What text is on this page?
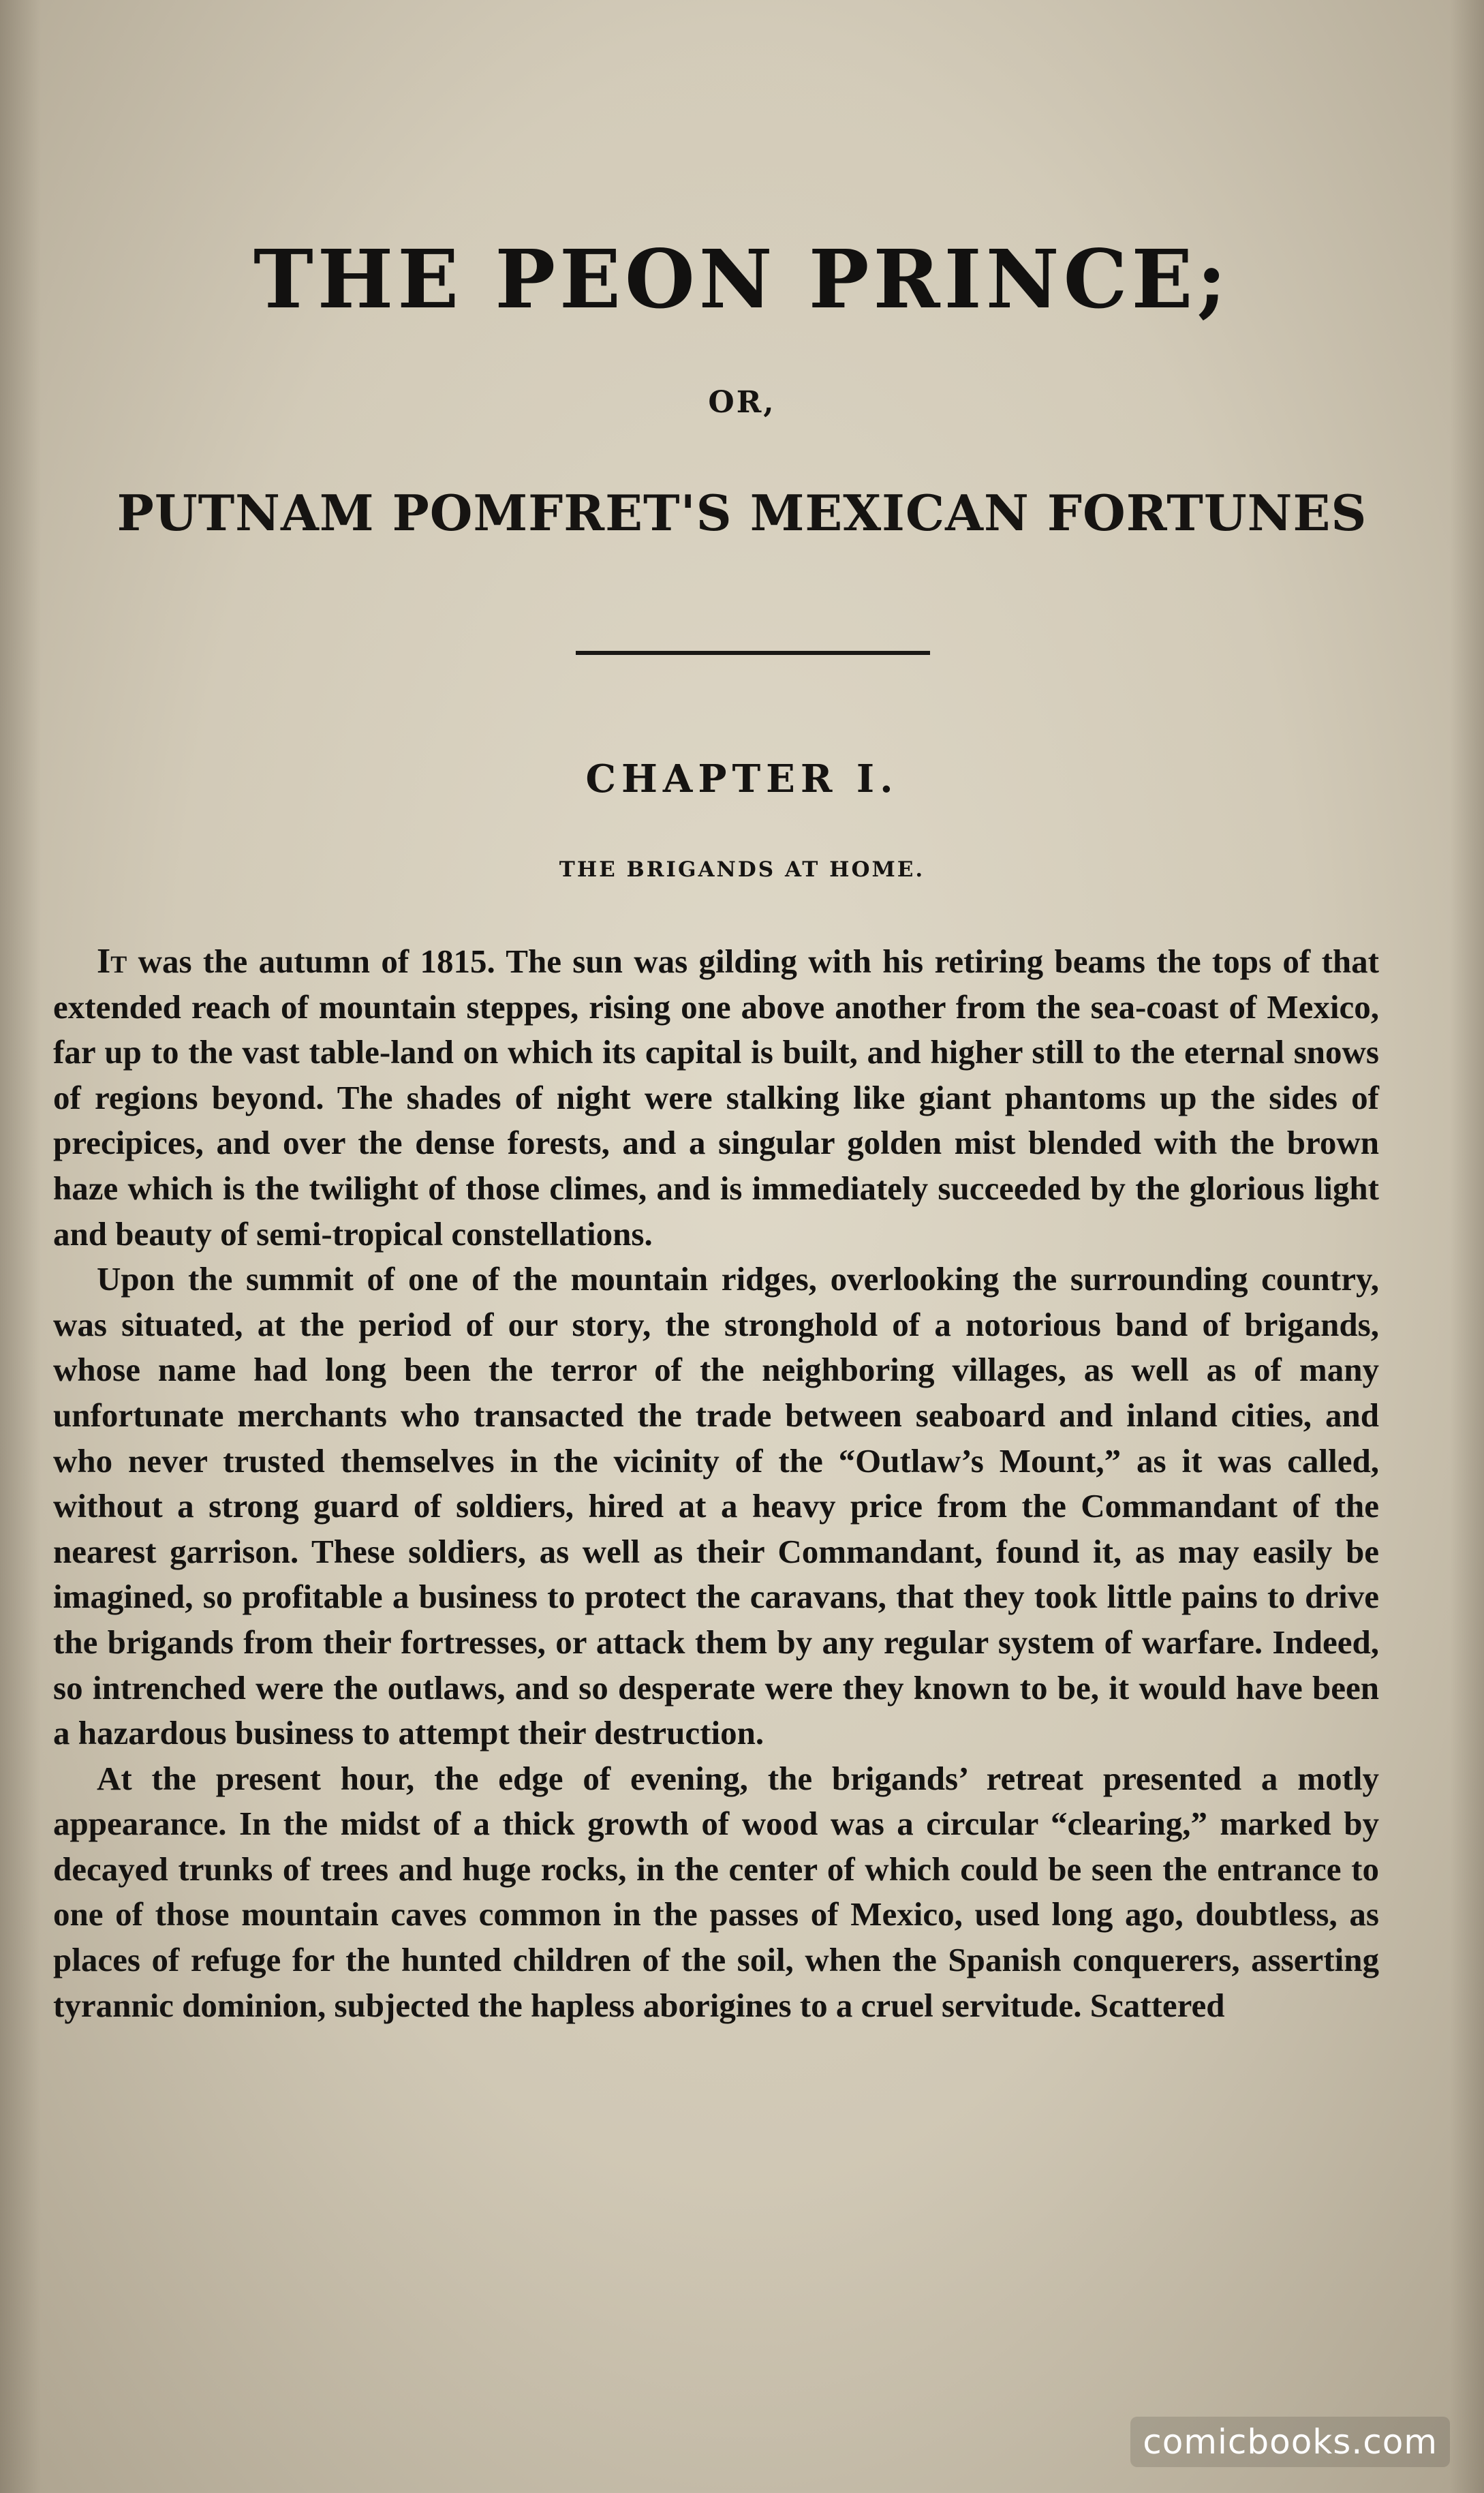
THE PEON PRINCE;
OR,
PUTNAM POMFRET'S MEXICAN FORTUNES
CHAPTER I.
THE BRIGANDS AT HOME.

It was the autumn of 1815. The sun was gilding with his retiring beams the tops of that extended reach of mountain steppes, rising one above another from the sea-coast of Mexico, far up to the vast table-land on which its capital is built, and higher still to the eternal snows of regions beyond. The shades of night were stalking like giant phantoms up the sides of precipices, and over the dense forests, and a singular golden mist blended with the brown haze which is the twilight of those climes, and is immediately succeeded by the glorious light and beauty of semi-tropical constellations.

Upon the summit of one of the mountain ridges, overlooking the surrounding country, was situated, at the period of our story, the stronghold of a notorious band of brigands, whose name had long been the terror of the neighboring villages, as well as of many unfortunate merchants who transacted the trade between seaboard and inland cities, and who never trusted themselves in the vicinity of the “Outlaw’s Mount,” as it was called, without a strong guard of soldiers, hired at a heavy price from the Commandant of the nearest garrison. These soldiers, as well as their Commandant, found it, as may easily be imagined, so profitable a business to protect the caravans, that they took little pains to drive the brigands from their fortresses, or attack them by any regular system of warfare. Indeed, so intrenched were the outlaws, and so desperate were they known to be, it would have been a hazardous business to attempt their destruction.

At the present hour, the edge of evening, the brigands’ retreat presented a motly appearance. In the midst of a thick growth of wood was a circular “clearing,” marked by decayed trunks of trees and huge rocks, in the center of which could be seen the entrance to one of those mountain caves common in the passes of Mexico, used long ago, doubtless, as places of refuge for the hunted children of the soil, when the Spanish conquerers, asserting tyrannic dominion, subjected the hapless aborigines to a cruel servitude. Scattered

comicbooks.com
